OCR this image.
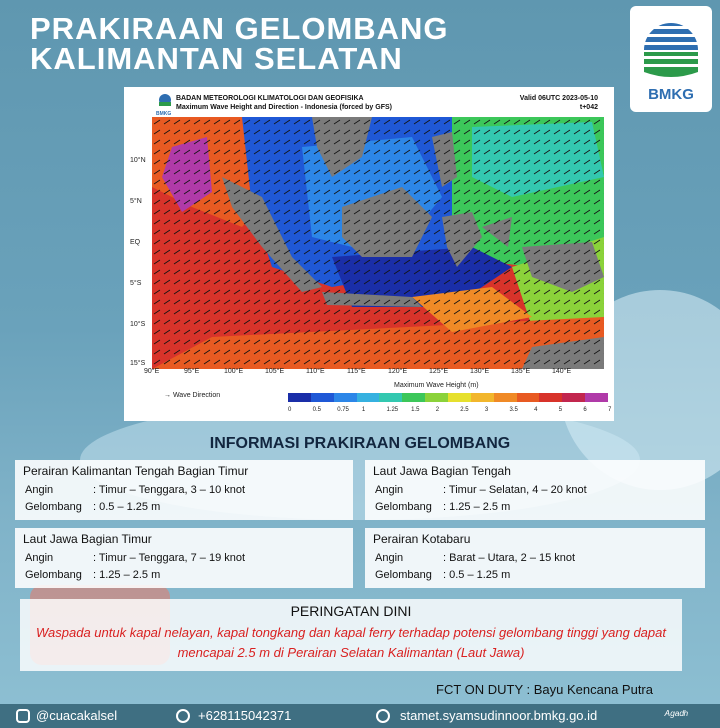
PRAKIRAAN GELOMBANG
KALIMANTAN SELATAN
BMKG
BMKG
BADAN METEOROLOGI KLIMATOLOGI DAN GEOFISIKA
Maximum Wave Height and Direction - Indonesia (forced by GFS)
Valid 06UTC 2023-05-10
t+042
10°N
5°N
EQ
5°S
10°S
15°S
90°E	95°E	100°E	105°E	110°E	115°E	120°E	125°E	130°E	135°E	140°E
→ Wave Direction
Maximum Wave Height (m)
0	0.5	0.75 1	1.25 1.5	2	2.5	3	3.5	4	5	6	7
INFORMASI PRAKIRAAN GELOMBANG
Perairan Kalimantan Tengah Bagian Timur
Angin	: Timur – Tenggara, 3 – 10 knot
Gelombang : 0.5 – 1.25 m
Laut Jawa Bagian Tengah
Angin	: Timur – Selatan, 4 – 20 knot
Gelombang : 1.25 – 2.5 m
Laut Jawa Bagian Timur
Angin	: Timur – Tenggara, 7 – 19 knot
Gelombang : 1.25 – 2.5 m
Perairan Kotabaru
Angin	: Barat – Utara, 2 – 15 knot
Gelombang : 0.5 – 1.25 m
PERINGATAN DINI
Waspada untuk kapal nelayan, kapal tongkang dan kapal ferry terhadap potensi gelombang tinggi yang dapat mencapai 2.5 m di Perairan Selatan Kalimantan (Laut Jawa)
FCT ON DUTY : Bayu Kencana Putra
@cuacakalsel	+628115042371	stamet.syamsudinnoor.bmkg.go.id	ᴬᵍᵃᵈʰ
